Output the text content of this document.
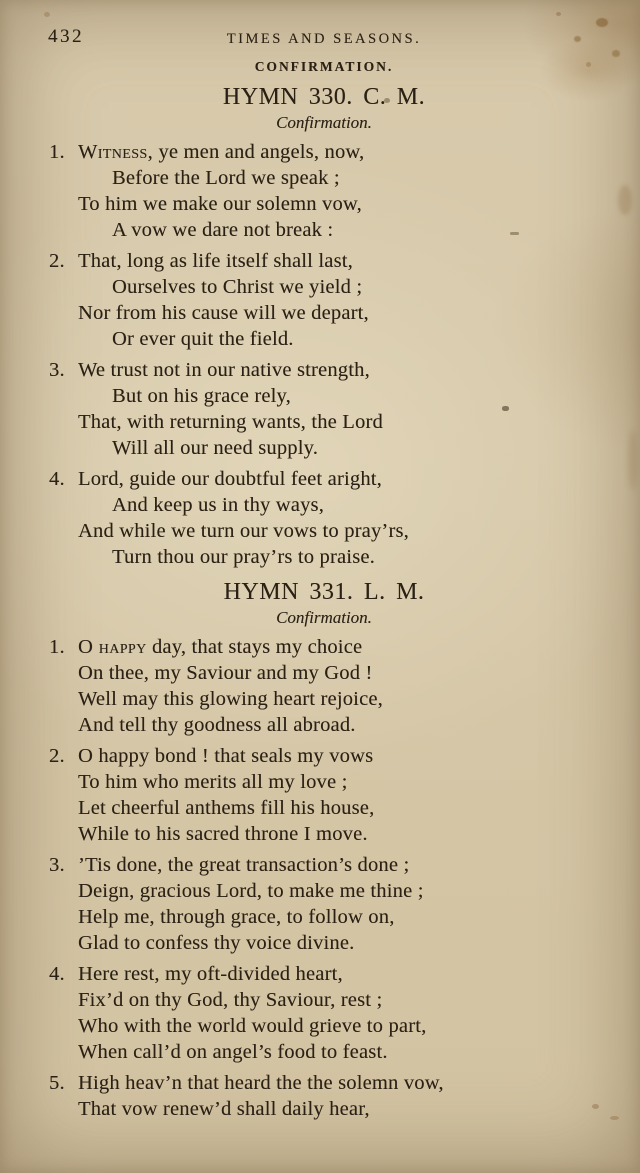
432	TIMES AND SEASONS.
CONFIRMATION.
HYMN 330. C. M.
Confirmation.
1. Witness, ye men and angels, now,
Before the Lord we speak ;
To him we make our solemn vow,
A vow we dare not break :
2. That, long as life itself shall last,
Ourselves to Christ we yield ;
Nor from his cause will we depart,
Or ever quit the field.
3. We trust not in our native strength,
But on his grace rely,
That, with returning wants, the Lord
Will all our need supply.
4. Lord, guide our doubtful feet aright,
And keep us in thy ways,
And while we turn our vows to pray’rs,
Turn thou our pray’rs to praise.
HYMN 331. L. M.
Confirmation.
1. O happy day, that stays my choice
On thee, my Saviour and my God !
Well may this glowing heart rejoice,
And tell thy goodness all abroad.
2. O happy bond ! that seals my vows
To him who merits all my love ;
Let cheerful anthems fill his house,
While to his sacred throne I move.
3. ’Tis done, the great transaction’s done ;
Deign, gracious Lord, to make me thine ;
Help me, through grace, to follow on,
Glad to confess thy voice divine.
4. Here rest, my oft-divided heart,
Fix’d on thy God, thy Saviour, rest ;
Who with the world would grieve to part,
When call’d on angel’s food to feast.
5. High heav’n that heard the the solemn vow,
That vow renew’d shall daily hear,
